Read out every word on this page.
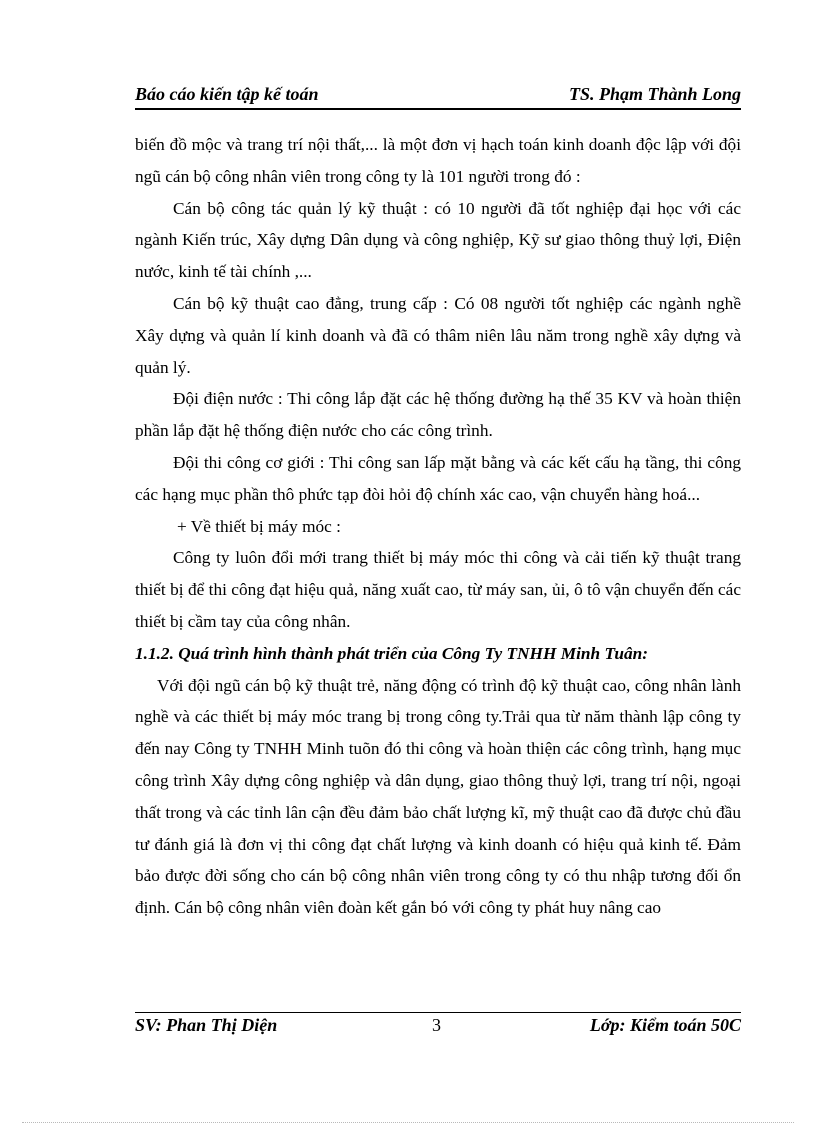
Báo cáo kiến tập kế toán	TS. Phạm Thành Long

biến đồ mộc và trang trí nội thất,... là một đơn vị hạch toán kinh doanh độc lập với đội ngũ cán bộ công nhân viên trong công ty là 101 người trong đó :

Cán bộ công tác quản lý kỹ thuật : có 10 người đã tốt nghiệp đại học với các ngành Kiến trúc, Xây dựng Dân dụng và công nghiệp, Kỹ sư giao thông thuỷ lợi, Điện nước, kinh tế tài chính ,...

Cán bộ kỹ thuật cao đẳng, trung cấp : Có 08 người tốt nghiệp các ngành nghề Xây dựng và quản lí kinh doanh và đã có thâm niên lâu năm trong nghề xây dựng và quản lý.

Đội điện nước : Thi công lắp đặt các hệ thống đường hạ thế 35 KV và hoàn thiện phần lắp đặt hệ thống điện nước cho các công trình.

Đội thi công cơ giới : Thi công san lấp mặt bằng và các kết cấu hạ tầng, thi công các hạng mục phần thô phức tạp đòi hỏi độ chính xác cao, vận chuyển hàng hoá...

+ Về thiết bị máy móc :

Công ty luôn đổi mới trang thiết bị máy móc thi công và cải tiến kỹ thuật trang thiết bị để thi công đạt hiệu quả, năng xuất cao, từ máy san, ủi, ô tô vận chuyển đến các thiết bị cầm tay của công nhân.

1.1.2. Quá trình hình thành phát triển của Công Ty TNHH Minh Tuân:

Với đội ngũ cán bộ kỹ thuật trẻ, năng động có trình độ kỹ thuật cao, công nhân lành nghề và các thiết bị máy móc trang bị trong công ty.Trải qua từ năm thành lập công ty đến nay Công ty TNHH Minh tuõn đó thi công và hoàn thiện các công trình, hạng mục công trình Xây dựng công nghiệp và dân dụng, giao thông thuỷ lợi, trang trí nội, ngoại thất trong và các tỉnh lân cận đều đảm bảo chất lượng kĩ, mỹ thuật cao đã được chủ đầu tư đánh giá là đơn vị thi công đạt chất lượng và kinh doanh có hiệu quả kinh tế. Đảm bảo được đời sống cho cán bộ công nhân viên trong công ty có thu nhập tương đối ổn định. Cán bộ công nhân viên đoàn kết gắn bó với công ty phát huy nâng cao

SV: Phan Thị Diện	3	Lớp: Kiểm toán 50C
